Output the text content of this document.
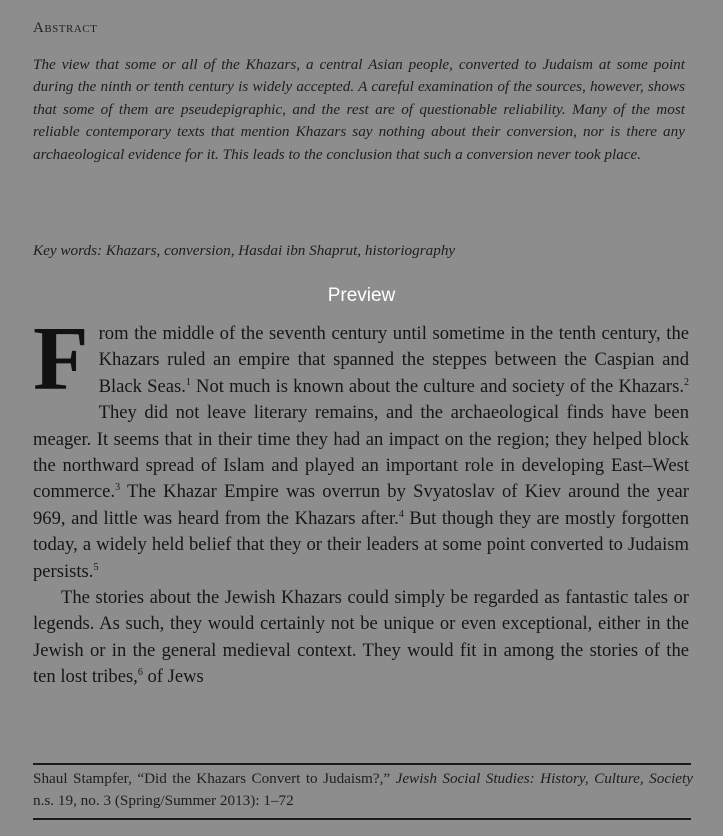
Abstract
The view that some or all of the Khazars, a central Asian people, converted to Judaism at some point during the ninth or tenth century is widely accepted. A careful examination of the sources, however, shows that some of them are pseudepigraphic, and the rest are of questionable reliability. Many of the most reliable contemporary texts that mention Khazars say nothing about their conversion, nor is there any archaeological evidence for it. This leads to the conclusion that such a conversion never took place.
Key words: Khazars, conversion, Hasdai ibn Shaprut, historiography
Preview

From the middle of the seventh century until sometime in the tenth century, the Khazars ruled an empire that spanned the steppes between the Caspian and Black Seas.$^1$ Not much is known about the culture and society of the Khazars.$^2$ They did not leave literary remains, and the archaeological finds have been meager. It seems that in their time they had an impact on the region; they helped block the northward spread of Islam and played an important role in developing East–West commerce.$^3$ The Khazar Empire was overrun by Svyatoslav of Kiev around the year 969, and little was heard from the Khazars after.$^4$ But though they are mostly forgotten today, a widely held belief that they or their leaders at some point converted to Judaism persists.$^5$

The stories about the Jewish Khazars could simply be regarded as fantastic tales or legends. As such, they would certainly not be unique or even exceptional, either in the Jewish or in the general medieval context. They would fit in among the stories of the ten lost tribes,$^6$ of Jews

Shaul Stampfer, “Did the Khazars Convert to Judaism?,” Jewish Social Studies: History, Culture, Society n.s. 19, no. 3 (Spring/Summer 2013): 1–72
